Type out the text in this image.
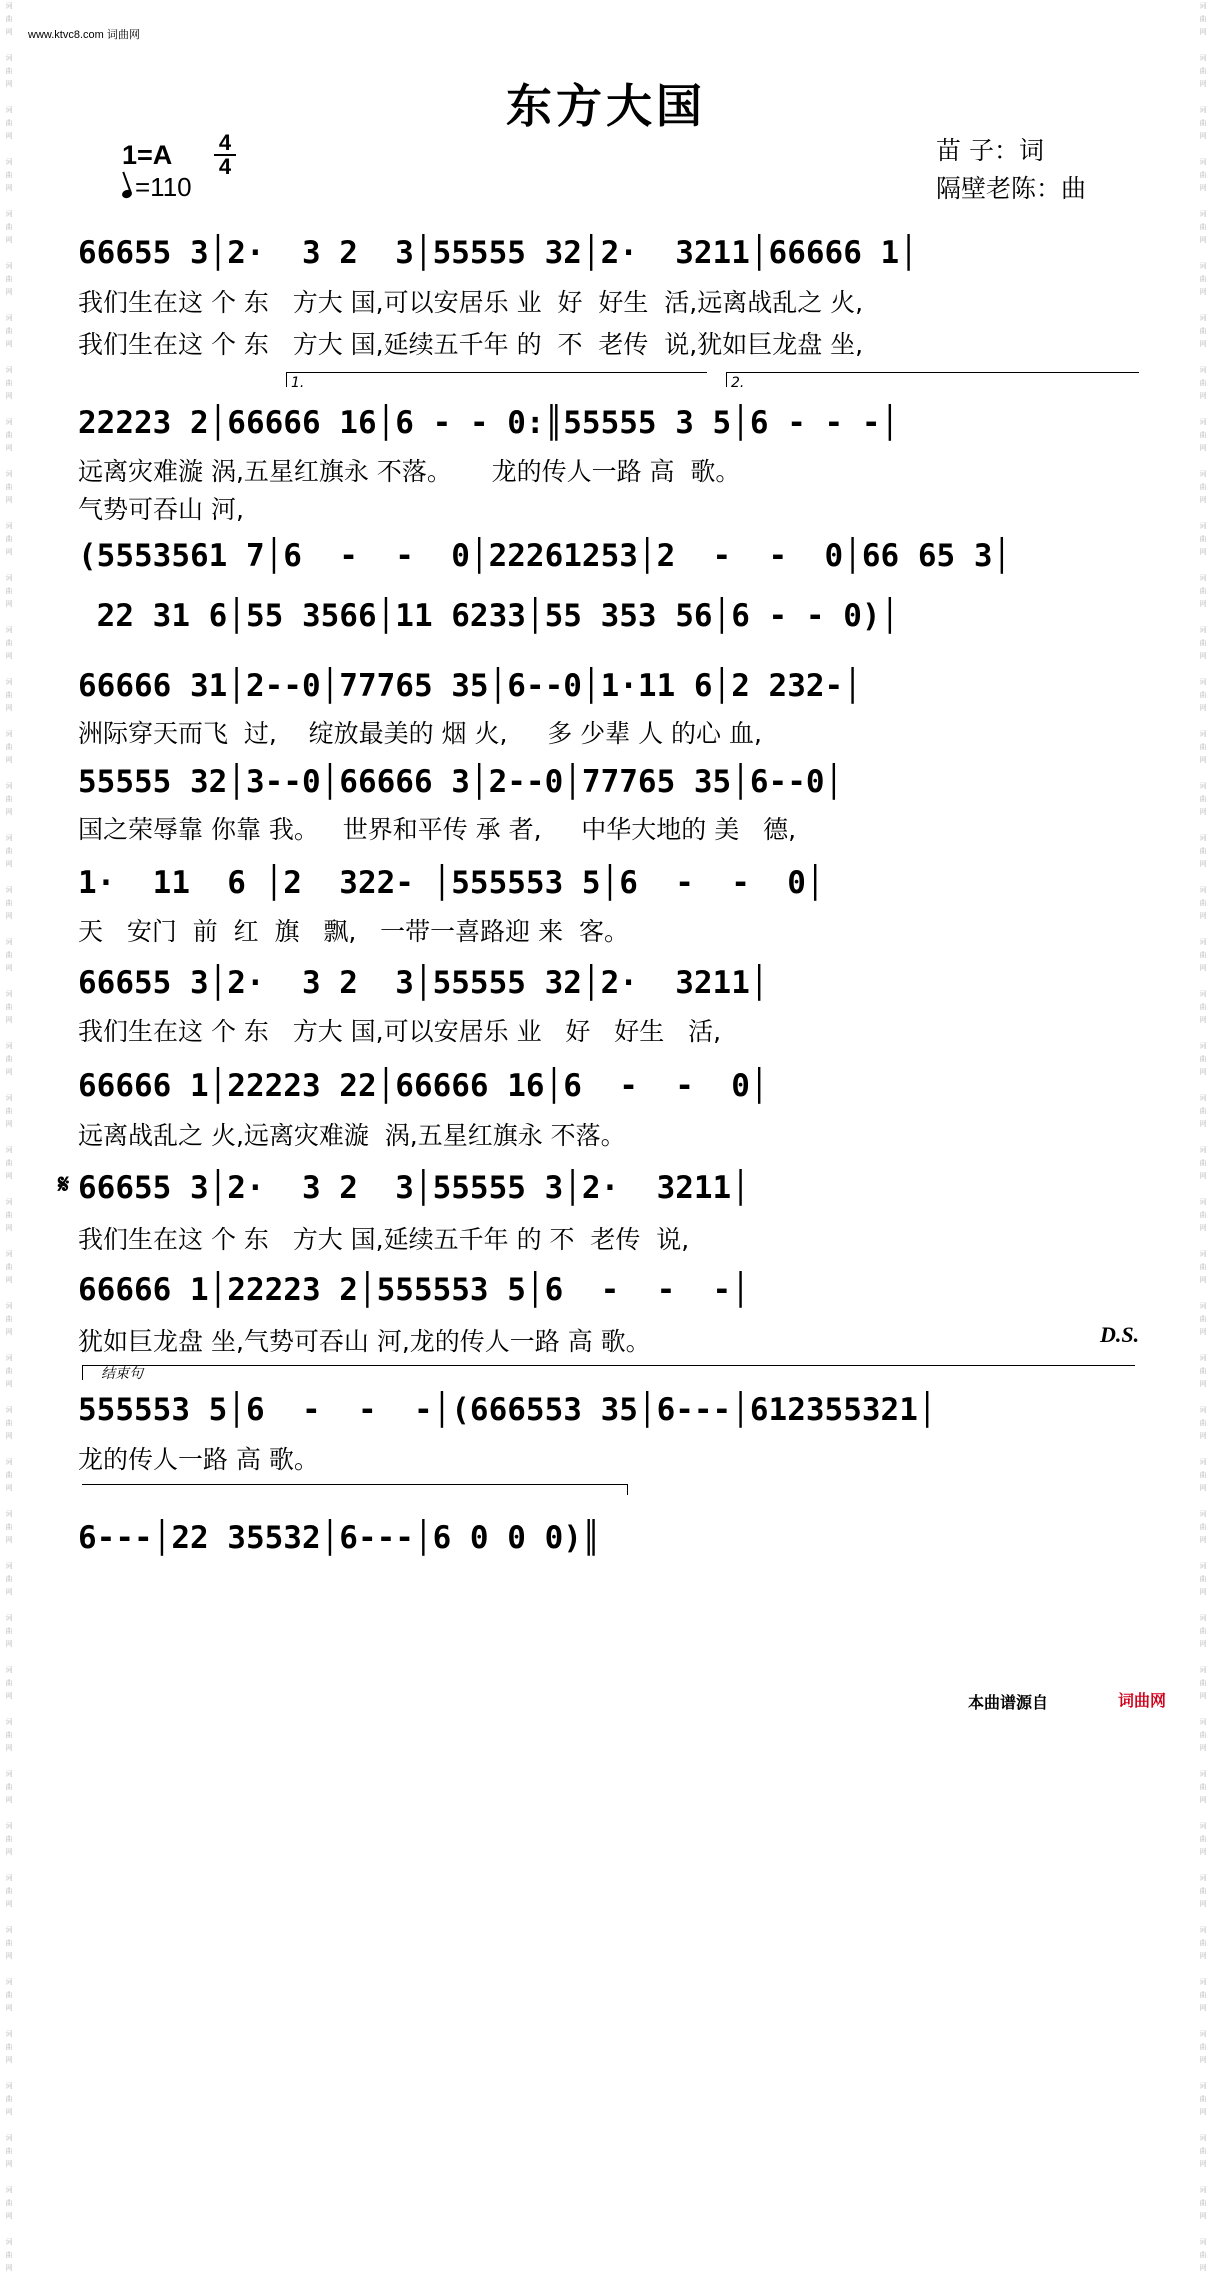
词
曲
网

词
曲
网

词
曲
网

词
曲
网

词
曲
网

词
曲
网

词
曲
网

词
曲
网

词
曲
网

词
曲
网

词
曲
网

词
曲
网

词
曲
网

词
曲
网

词
曲
网

词
曲
网

词
曲
网

词
曲
网

词
曲
网

词
曲
网

词
曲
网

词
曲
网

词
曲
网

词
曲
网

词
曲
网

词
曲
网

词
曲
网

词
曲
网

词
曲
网

词
曲
网

词
曲
网

词
曲
网

词
曲
网

词
曲
网

词
曲
网

词
曲
网

词
曲
网

词
曲
网

词
曲
网

词
曲
网

词
曲
网

词
曲
网

词
曲
网

词
曲
网

词
曲
网

词
曲
网

词
曲
网

词
曲
网

词
曲
网

词
曲
网

词
曲
网

词
曲
网

词
曲
网

词
曲
网

词
曲
网

词
曲
网

词
曲
网

词
曲
网

词
曲
网

词
曲
网

词
曲
网

词
曲
网

词
曲
网

词
曲
网

词
曲
网

词
曲
网

词
曲
网

词
曲
网

词
曲
网

词
曲
网

词
曲
网

词
曲
网

词
曲
网

词
曲
网

词
曲
网

词
曲
网

词
曲
网

词
曲
网

词
曲
网

词
曲
网

词
曲
网

词
曲
网

词
曲
网

词
曲
网

词
曲
网

词
曲
网

词
曲
网

词
曲
网

www.ktvc8.com 词曲网
东方大国
1=A	4
4
=110
苗 子：词
隔壁老陈：曲
1.	2.
𝄋
D.S.
结束句
66655 3│2·  3 2  3│55555 32│2·  3211│66666 1│
我们生在这 个 东   方大 国,可以安居乐 业  好  好生  活,远离战乱之 火,
我们生在这 个 东   方大 国,延续五千年 的  不  老传  说,犹如巨龙盘 坐,
22223 2│66666 16│6 - - 0:║55555 3 5│6 - - -│
远离灾难漩 涡,五星红旗永 不落。     龙的传人一路 高  歌。
气势可吞山 河,
(5553561 7│6  -  -  0│22261253│2  -  -  0│66 65 3│
22 31 6│55 3566│11 6233│55 353 56│6 - - 0)│
66666 31│2--0│77765 35│6--0│1·11 6│2 232-│
洲际穿天而飞  过,    绽放最美的 烟 火,     多 少辈 人 的心 血,
55555 32│3--0│66666 3│2--0│77765 35│6--0│
国之荣辱靠 你靠 我。   世界和平传 承 者,     中华大地的 美   德,
1·  11  6 │2  322- │555553 5│6  -  -  0│
天   安门  前  红  旗   飘,   一带一喜路迎 来  客。
66655 3│2·  3 2  3│55555 32│2·  3211│
我们生在这 个 东   方大 国,可以安居乐 业   好   好生   活,
66666 1│22223 22│66666 16│6  -  -  0│
远离战乱之 火,远离灾难漩  涡,五星红旗永 不落。
66655 3│2·  3 2  3│55555 3│2·  3211│
我们生在这 个 东   方大 国,延续五千年 的 不  老传  说,
66666 1│22223 2│555553 5│6  -  -  -│
犹如巨龙盘 坐,气势可吞山 河,龙的传人一路 高 歌。
555553 5│6  -  -  -│(666553 35│6---│612355321│
龙的传人一路 高 歌。
6---│22 35532│6---│6 0 0 0)║
本曲谱源自	词曲网
